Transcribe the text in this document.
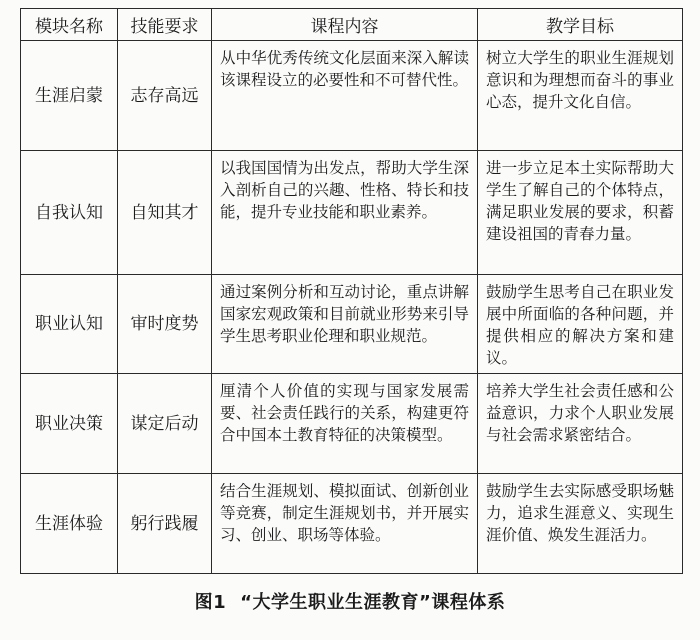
模块名称	技能要求	课程内容	教学目标
生涯启蒙	志存高远	从中华优秀传统文化层面来深入解读该课程设立的必要性和不可替代性。	树立大学生的职业生涯规划意识和为理想而奋斗的事业心态，提升文化自信。
自我认知	自知其才	以我国国情为出发点，帮助大学生深入剖析自己的兴趣、性格、特长和技能，提升专业技能和职业素养。	进一步立足本土实际帮助大学生了解自己的个体特点，满足职业发展的要求，积蓄建设祖国的青春力量。
职业认知	审时度势	通过案例分析和互动讨论，重点讲解国家宏观政策和目前就业形势来引导学生思考职业伦理和职业规范。	鼓励学生思考自己在职业发展中所面临的各种问题，并提供相应的解决方案和建议。
职业决策	谋定后动	厘清个人价值的实现与国家发展需要、社会责任践行的关系，构建更符合中国本土教育特征的决策模型。	培养大学生社会责任感和公益意识，力求个人职业发展与社会需求紧密结合。
生涯体验	躬行践履	结合生涯规划、模拟面试、创新创业等竞赛，制定生涯规划书，并开展实习、创业、职场等体验。	鼓励学生去实际感受职场魅力，追求生涯意义、实现生涯价值、焕发生涯活力。
图1 “大学生职业生涯教育”课程体系
